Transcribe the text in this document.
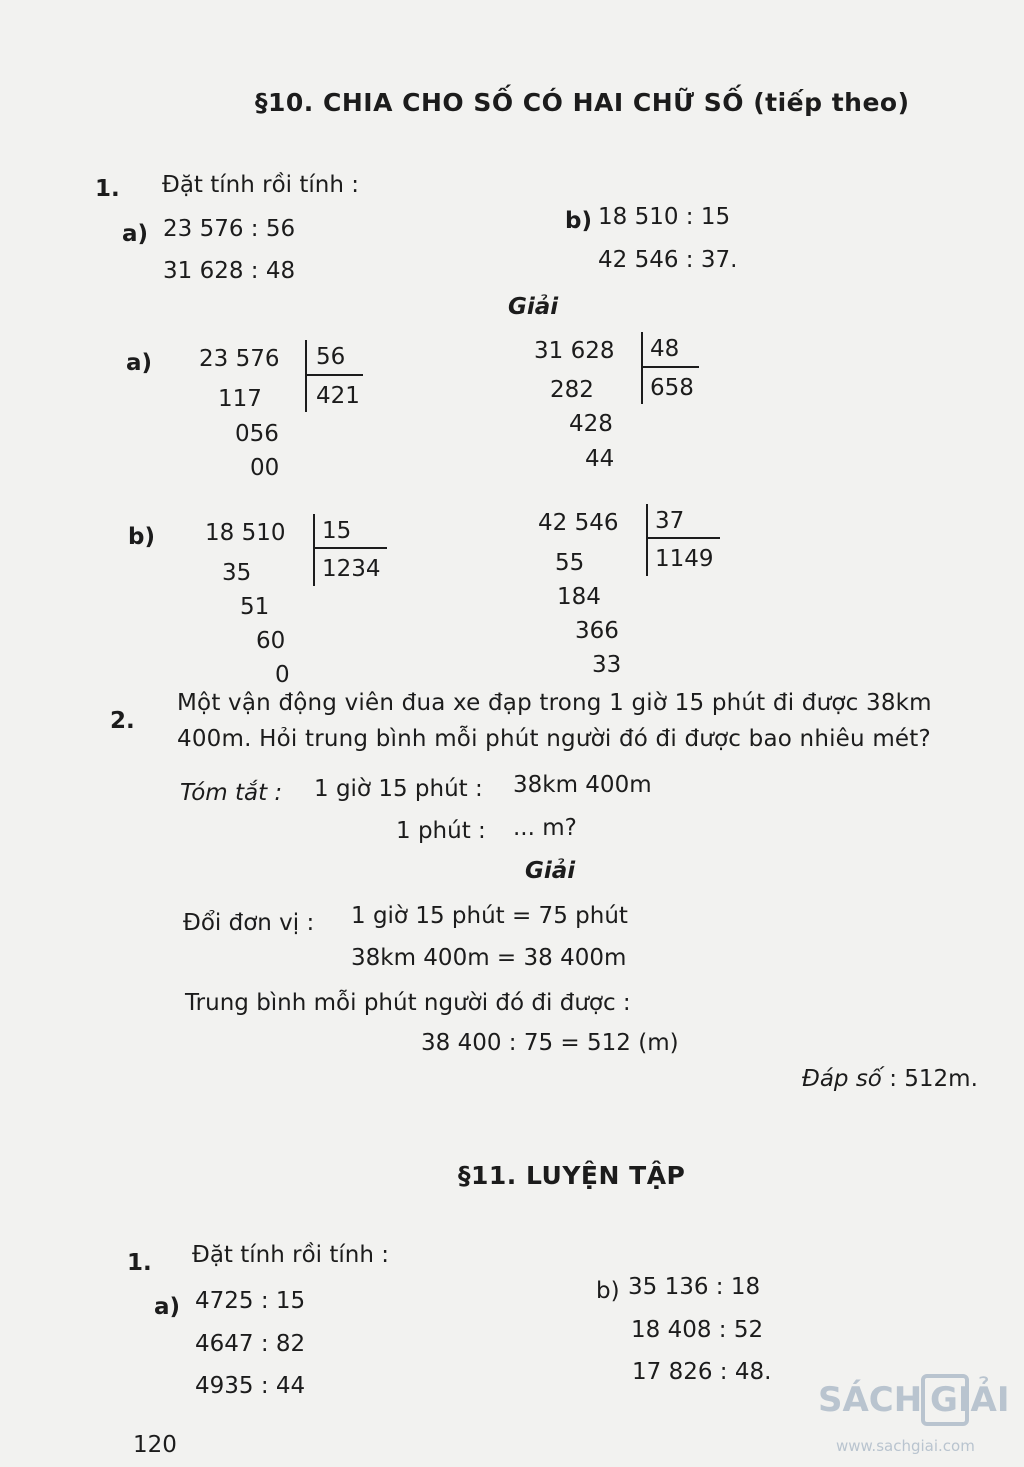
§10. CHIA CHO SỐ CÓ HAI CHỮ SỐ (tiếp theo)
1. Đặt tính rồi tính :
a) 23 576 : 56
31 628 : 48
b) 18 510 : 15
42 546 : 37.
Giải
a) 23 576
117
056
00
56
421
31 628
282
428
44
48
658
b) 18 510
35
51
60
0
15
1234
42 546
55
184
366
33
37
1149
2.
Một vận động viên đua xe đạp trong 1 giờ 15 phút đi được 38km
400m. Hỏi trung bình mỗi phút người đó đi được bao nhiêu mét?
Tóm tắt : 1 giờ 15 phút : 38km 400m
1 phút : ... m?
Giải
Đổi đơn vị : 1 giờ 15 phút = 75 phút
38km 400m = 38 400m
Trung bình mỗi phút người đó đi được :
38 400 : 75 = 512 (m)
Đáp số : 512m.
§11. LUYỆN TẬP
1. Đặt tính rồi tính :
a) 4725 : 15
4647 : 82
4935 : 44
b) 35 136 : 18
18 408 : 52
17 826 : 48.
120
SÁCH GIẢI
www.sachgiai.com
